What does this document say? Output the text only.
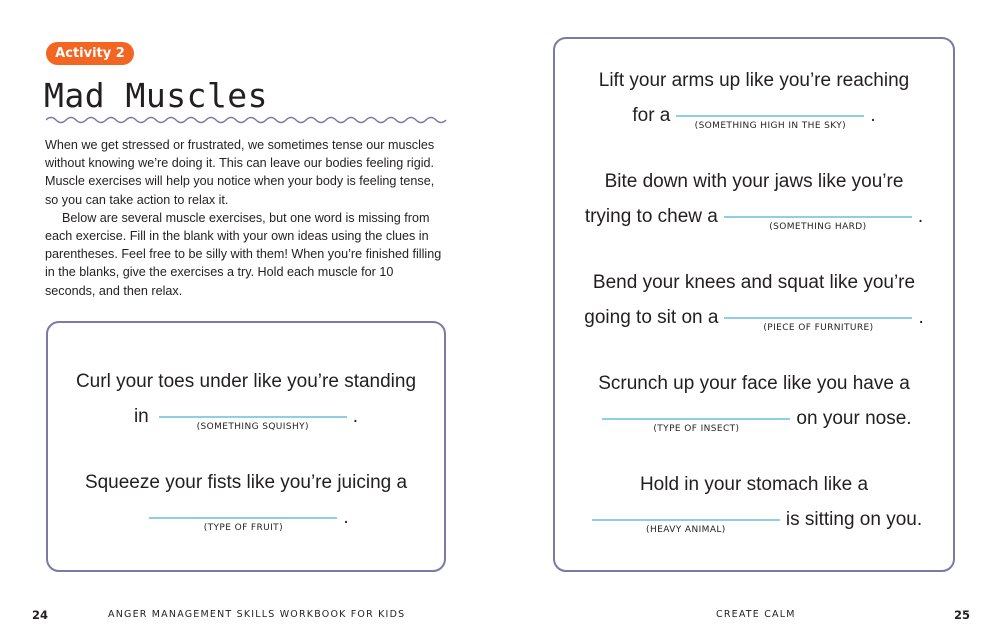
Activity 2
Mad Muscles

When we get stressed or frustrated, we sometimes tense our muscles without knowing we’re doing it. This can leave our bodies feeling rigid. Muscle exercises will help you notice when your body is feeling tense, so you can take action to relax it.

Below are several muscle exercises, but one word is missing from each exercise. Fill in the blank with your own ideas using the clues in parentheses. Feel free to be silly with them! When you’re finished filling in the blanks, give the exercises a try. Hold each muscle for 10 seconds, and then relax.

Curl your toes under like you’re standing
in	(SOMETHING SQUISHY) .
Squeeze your fists like you’re juicing a
(TYPE OF FRUIT)	.
24	ANGER MANAGEMENT SKILLS WORKBOOK FOR KIDS
Lift your arms up like you’re reaching
for a	(SOMETHING HIGH IN THE SKY) .
Bite down with your jaws like you’re
trying to chew a	(SOMETHING HARD)	.
Bend your knees and squat like you’re
going to sit on a	(PIECE OF FURNITURE) .
Scrunch up your face like you have a
(TYPE OF INSECT)	on your nose.
Hold in your stomach like a
(HEAVY ANIMAL)	is sitting on you.
CREATE CALM	25
